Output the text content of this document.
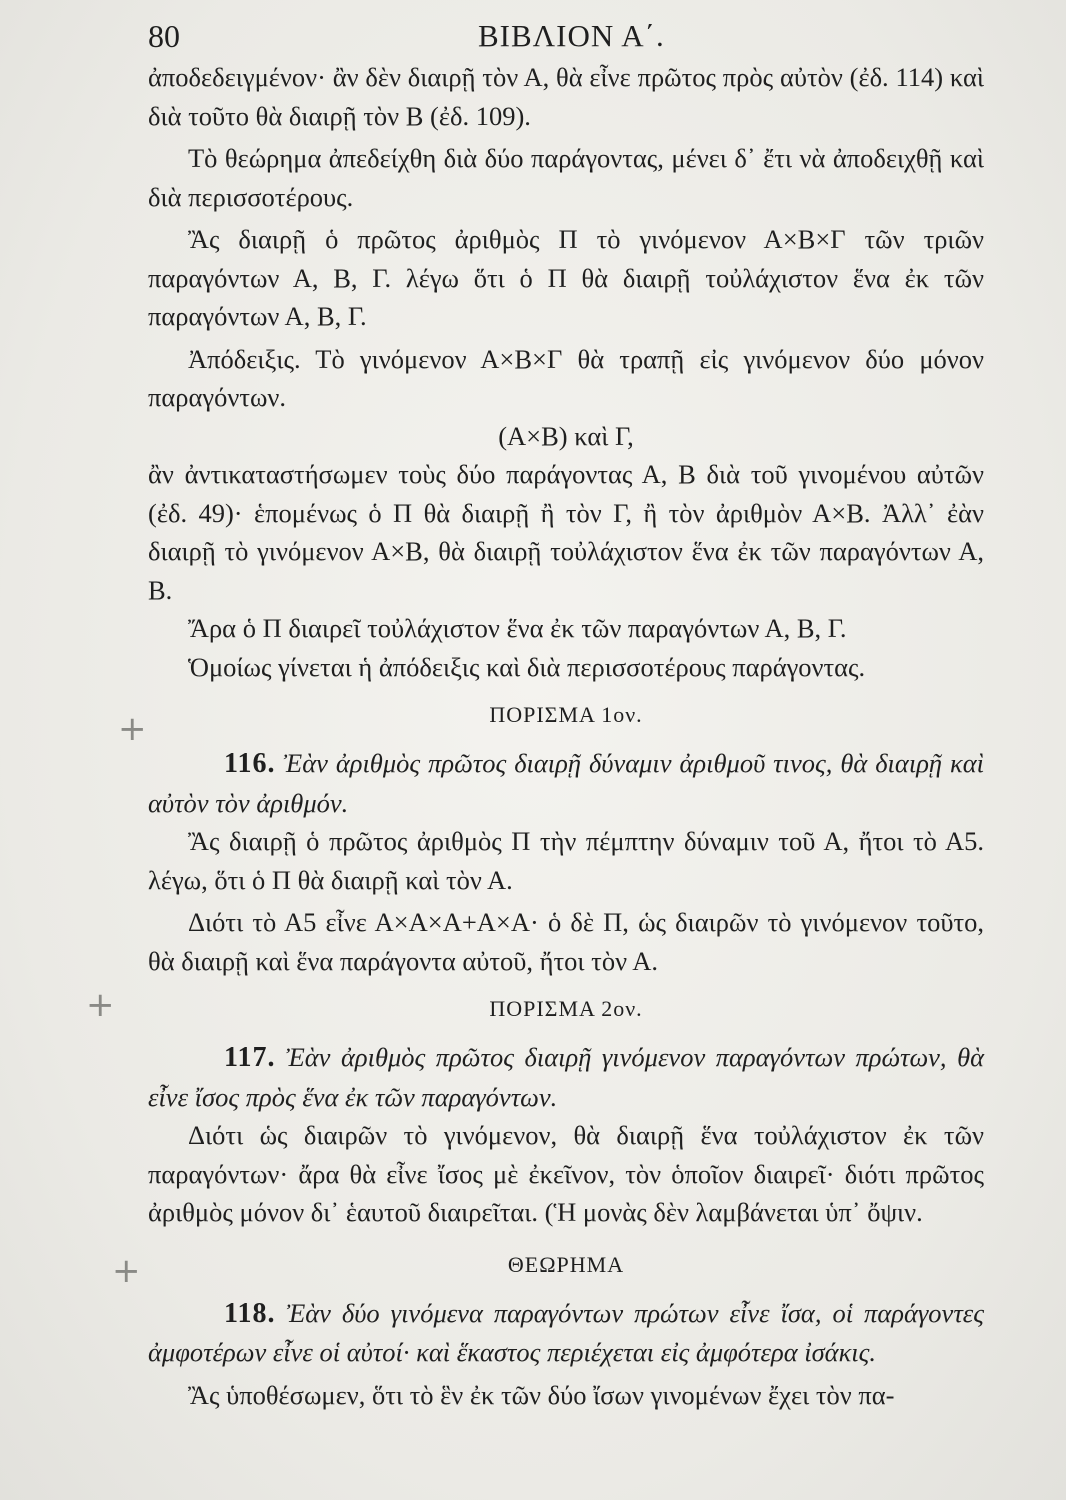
80	ΒΙΒΛΙΟΝ Α΄.

ἀποδεδειγμένον· ἂν δὲν διαιρῇ τὸν Α, θὰ εἶνε πρῶτος πρὸς αὐτὸν (ἐδ. 114) καὶ διὰ τοῦτο θὰ διαιρῇ τὸν Β (ἐδ. 109).

Τὸ θεώρημα ἀπεδείχθη διὰ δύο παράγοντας, μένει δ᾿ ἔτι νὰ ἀποδειχθῇ καὶ διὰ περισσοτέρους.

Ἂς διαιρῇ ὁ πρῶτος ἀριθμὸς Π τὸ γινόμενον Α×Β×Γ τῶν τριῶν παραγόντων Α, Β, Γ. λέγω ὅτι ὁ Π θὰ διαιρῇ τοὐλάχιστον ἕνα ἐκ τῶν παραγόντων Α, Β, Γ.

Ἀπόδειξις. Τὸ γινόμενον Α×Β×Γ θὰ τραπῇ εἰς γινόμενον δύο μόνον παραγόντων.

(Α×Β) καὶ Γ,

ἂν ἀντικαταστήσωμεν τοὺς δύο παράγοντας Α, Β διὰ τοῦ γινομένου αὐτῶν (ἐδ. 49)· ἑπομένως ὁ Π θὰ διαιρῇ ἢ τὸν Γ, ἢ τὸν ἀριθμὸν Α×Β. Ἀλλ᾿ ἐὰν διαιρῇ τὸ γινόμενον Α×Β, θὰ διαιρῇ τοὐλάχιστον ἕνα ἐκ τῶν παραγόντων Α, Β.

Ἄρα ὁ Π διαιρεῖ τοὐλάχιστον ἕνα ἐκ τῶν παραγόντων Α, Β, Γ.

Ὁμοίως γίνεται ἡ ἀπόδειξις καὶ διὰ περισσοτέρους παράγοντας.

ΠΟΡΙΣΜΑ 1ον.

116. Ἐὰν ἀριθμὸς πρῶτος διαιρῇ δύναμιν ἀριθμοῦ τινος, θὰ διαιρῇ καὶ αὐτὸν τὸν ἀριθμόν.

Ἂς διαιρῇ ὁ πρῶτος ἀριθμὸς Π τὴν πέμπτην δύναμιν τοῦ Α, ἤτοι τὸ Α5. λέγω, ὅτι ὁ Π θὰ διαιρῇ καὶ τὸν Α.

Διότι τὸ Α5 εἶνε Α×Α×Α+Α×Α· ὁ δὲ Π, ὡς διαιρῶν τὸ γινόμενον τοῦτο, θὰ διαιρῇ καὶ ἕνα παράγοντα αὐτοῦ, ἤτοι τὸν Α.

ΠΟΡΙΣΜΑ 2ον.

117. Ἐὰν ἀριθμὸς πρῶτος διαιρῇ γινόμενον παραγόντων πρώτων, θὰ εἶνε ἴσος πρὸς ἕνα ἐκ τῶν παραγόντων.

Διότι ὡς διαιρῶν τὸ γινόμενον, θὰ διαιρῇ ἕνα τοὐλάχιστον ἐκ τῶν παραγόντων· ἄρα θὰ εἶνε ἴσος μὲ ἐκεῖνον, τὸν ὁποῖον διαιρεῖ· διότι πρῶτος ἀριθμὸς μόνον δι᾿ ἑαυτοῦ διαιρεῖται. (Ἡ μονὰς δὲν λαμβάνεται ὑπ᾿ ὄψιν.

ΘΕΩΡΗΜΑ

118. Ἐὰν δύο γινόμενα παραγόντων πρώτων εἶνε ἴσα, οἱ παράγοντες ἀμφοτέρων εἶνε οἱ αὐτοί· καὶ ἕκαστος περιέχεται εἰς ἀμφότερα ἰσάκις.

Ἂς ὑποθέσωμεν, ὅτι τὸ ἓν ἐκ τῶν δύο ἴσων γινομένων ἔχει τὸν πα-

+
+
+
